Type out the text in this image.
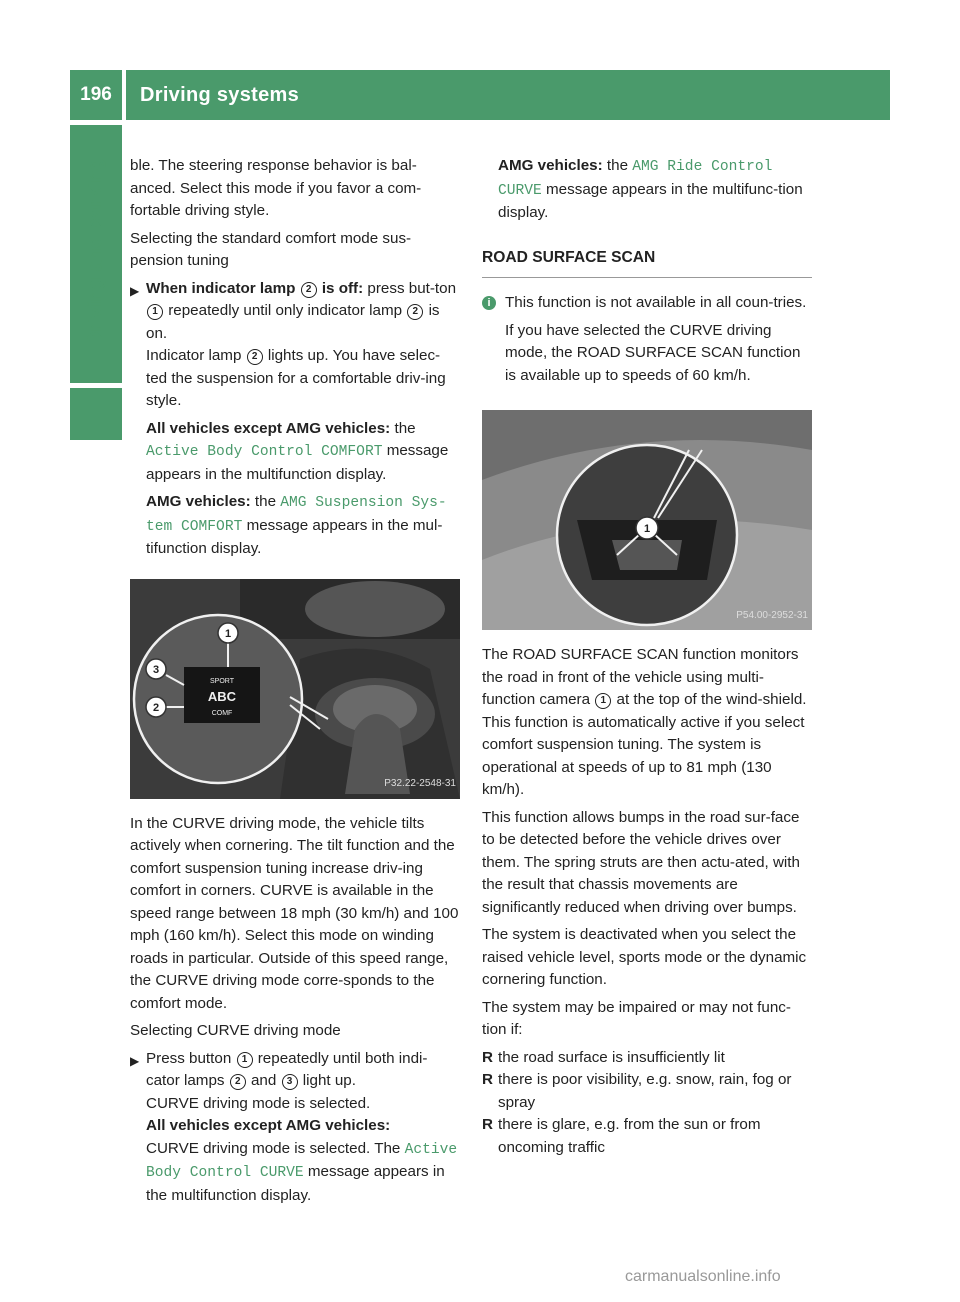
196	Driving systems
Driving and parking ble. The steering response behavior is bal-anced. Select this mode if you favor a com-fortable driving style.

Selecting the standard comfort mode sus-pension tuning

▶ When indicator lamp 2 is off: press but-ton 1 repeatedly until only indicator lamp 2 is on.
Indicator lamp 2 lights up. You have selec-ted the suspension for a comfortable driv-ing style.
All vehicles except AMG vehicles: the Active Body Control COMFORT message appears in the multifunction display.
AMG vehicles: the AMG Suspension Sys-tem COMFORT message appears in the mul-tifunction display.
1
3
2
SPORT
ABC
COMF
P32.22-2548-31

In the CURVE driving mode, the vehicle tilts actively when cornering. The tilt function and the comfort suspension tuning increase driv-ing comfort in corners. CURVE is available in the speed range between 18 mph (30 km/h) and 100 mph (160 km/h). Select this mode on winding roads in particular. Outside of this speed range, the CURVE driving mode corre-sponds to the comfort mode.

Selecting CURVE driving mode

▶ Press button 1 repeatedly until both indi-cator lamps 2 and 3 light up.
CURVE driving mode is selected.
All vehicles except AMG vehicles:
CURVE driving mode is selected. The Active Body Control CURVE message appears in the multifunction display.

AMG vehicles: the AMG Ride Control CURVE message appears in the multifunc-tion display.

ROAD SURFACE SCAN
i This function is not available in all coun-tries.

If you have selected the CURVE driving mode, the ROAD SURFACE SCAN function is available up to speeds of 60 km/h.

1
P54.00-2952-31

The ROAD SURFACE SCAN function monitors the road in front of the vehicle using multi-function camera 1 at the top of the wind-shield. This function is automatically active if you select comfort suspension tuning. The system is operational at speeds of up to 81 mph (130 km/h).

This function allows bumps in the road sur-face to be detected before the vehicle drives over them. The spring struts are then actu-ated, with the result that chassis movements are significantly reduced when driving over bumps.

The system is deactivated when you select the raised vehicle level, sports mode or the dynamic cornering function.

The system may be impaired or may not func-tion if:

R the road surface is insufficiently lit
R there is poor visibility, e.g. snow, rain, fog or spray
R there is glare, e.g. from the sun or from oncoming traffic
carmanualsonline.info
